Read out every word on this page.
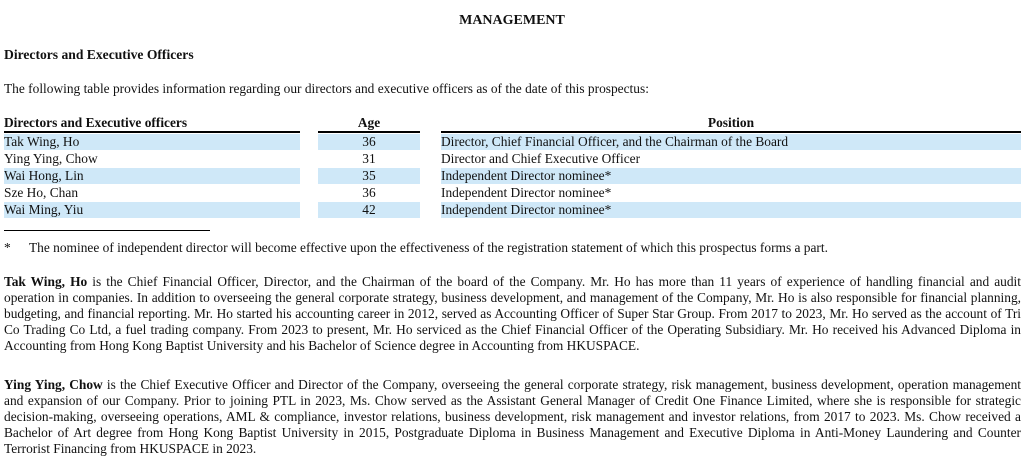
MANAGEMENT
Directors and Executive Officers
The following table provides information regarding our directors and executive officers as of the date of this prospectus:
Directors and Executive officers	Age	Position
Tak Wing, Ho	36	Director, Chief Financial Officer, and the Chairman of the Board
Ying Ying, Chow	31	Director and Chief Executive Officer
Wai Hong, Lin	35	Independent Director nominee*
Sze Ho, Chan	36	Independent Director nominee*
Wai Ming, Yiu	42	Independent Director nominee*
* The nominee of independent director will become effective upon the effectiveness of the registration statement of which this prospectus forms a part.
Tak Wing, Ho is the Chief Financial Officer, Director, and the Chairman of the board of the Company. Mr. Ho has more than 11 years of experience of handling financial and audit operation in companies. In addition to overseeing the general corporate strategy, business development, and management of the Company, Mr. Ho is also responsible for financial planning, budgeting, and financial reporting. Mr. Ho started his accounting career in 2012, served as Accounting Officer of Super Star Group. From 2017 to 2023, Mr. Ho served as the account of Tri Co Trading Co Ltd, a fuel trading company. From 2023 to present, Mr. Ho serviced as the Chief Financial Officer of the Operating Subsidiary. Mr. Ho received his Advanced Diploma in Accounting from Hong Kong Baptist University and his Bachelor of Science degree in Accounting from HKUSPACE.
Ying Ying, Chow is the Chief Executive Officer and Director of the Company, overseeing the general corporate strategy, risk management, business development, operation management and expansion of our Company. Prior to joining PTL in 2023, Ms. Chow served as the Assistant General Manager of Credit One Finance Limited, where she is responsible for strategic decision-making, overseeing operations, AML & compliance, investor relations, business development, risk management and investor relations, from 2017 to 2023. Ms. Chow received a Bachelor of Art degree from Hong Kong Baptist University in 2015, Postgraduate Diploma in Business Management and Executive Diploma in Anti-Money Laundering and Counter Terrorist Financing from HKUSPACE in 2023.
